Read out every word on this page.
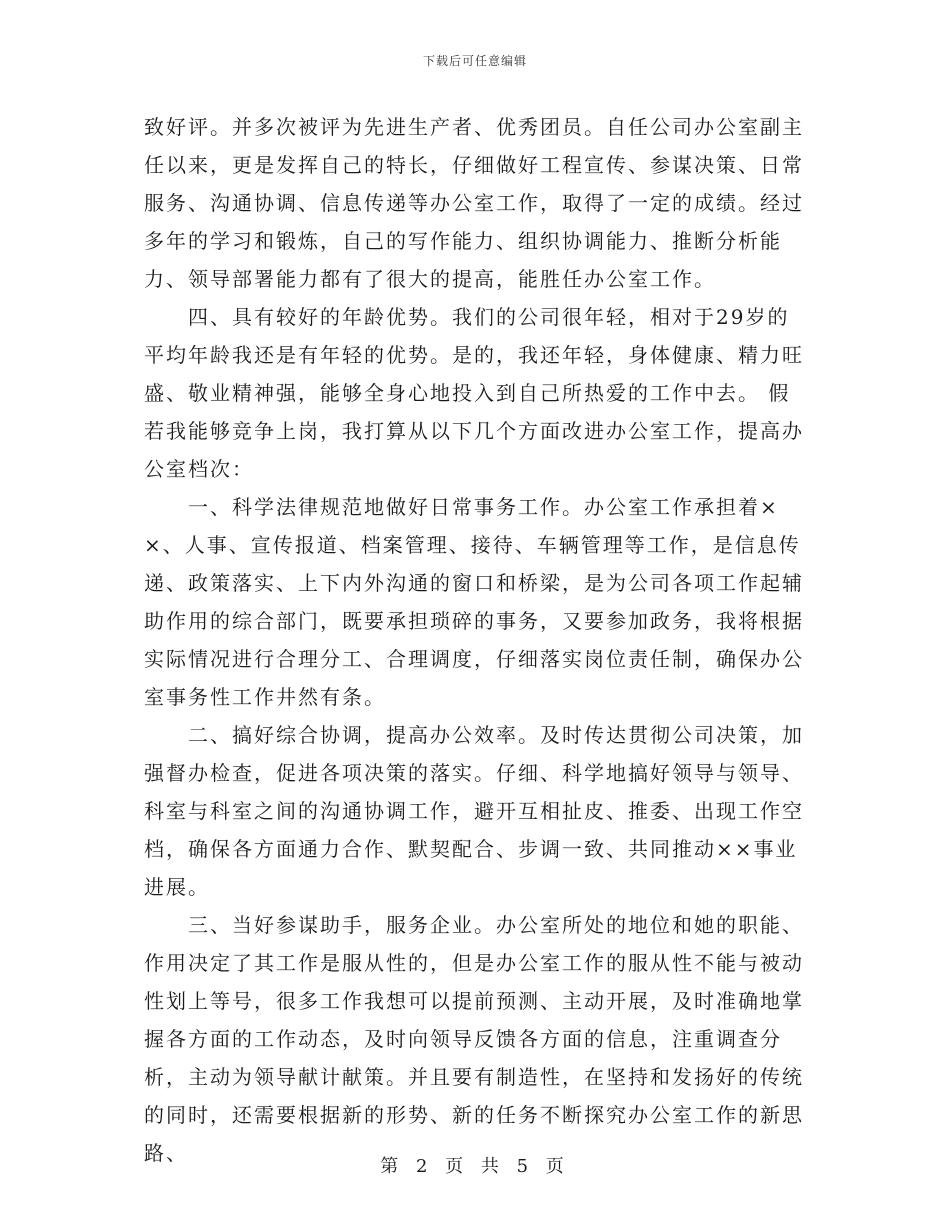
下载后可任意编辑

致好评。并多次被评为先进生产者、优秀团员。自任公司办公室副主任以来，更是发挥自己的特长，仔细做好工程宣传、参谋决策、日常服务、沟通协调、信息传递等办公室工作，取得了一定的成绩。经过多年的学习和锻炼，自己的写作能力、组织协调能力、推断分析能力、领导部署能力都有了很大的提高，能胜任办公室工作。

四、具有较好的年龄优势。我们的公司很年轻，相对于29岁的平均年龄我还是有年轻的优势。是的，我还年轻，身体健康、精力旺盛、敬业精神强，能够全身心地投入到自己所热爱的工作中去。 假若我能够竞争上岗，我打算从以下几个方面改进办公室工作，提高办公室档次：

一、科学法律规范地做好日常事务工作。办公室工作承担着××、人事、宣传报道、档案管理、接待、车辆管理等工作，是信息传递、政策落实、上下内外沟通的窗口和桥梁，是为公司各项工作起辅助作用的综合部门，既要承担琐碎的事务，又要参加政务，我将根据实际情况进行合理分工、合理调度，仔细落实岗位责任制，确保办公室事务性工作井然有条。

二、搞好综合协调，提高办公效率。及时传达贯彻公司决策，加强督办检查，促进各项决策的落实。仔细、科学地搞好领导与领导、科室与科室之间的沟通协调工作，避开互相扯皮、推委、出现工作空档，确保各方面通力合作、默契配合、步调一致、共同推动××事业进展。

三、当好参谋助手，服务企业。办公室所处的地位和她的职能、作用决定了其工作是服从性的，但是办公室工作的服从性不能与被动性划上等号，很多工作我想可以提前预测、主动开展，及时准确地掌握各方面的工作动态，及时向领导反馈各方面的信息，注重调查分析，主动为领导献计献策。并且要有制造性，在坚持和发扬好的传统的同时，还需要根据新的形势、新的任务不断探究办公室工作的新思路、

第 2 页 共 5 页
